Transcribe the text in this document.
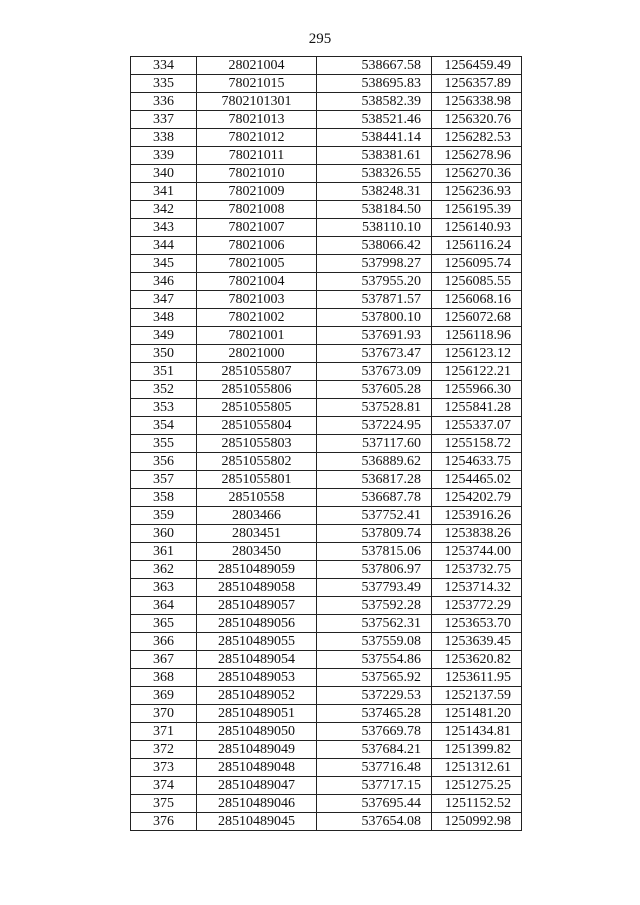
295
334	28021004	538667.58	1256459.49
335	78021015	538695.83	1256357.89
336	7802101301	538582.39	1256338.98
337	78021013	538521.46	1256320.76
338	78021012	538441.14	1256282.53
339	78021011	538381.61	1256278.96
340	78021010	538326.55	1256270.36
341	78021009	538248.31	1256236.93
342	78021008	538184.50	1256195.39
343	78021007	538110.10	1256140.93
344	78021006	538066.42	1256116.24
345	78021005	537998.27	1256095.74
346	78021004	537955.20	1256085.55
347	78021003	537871.57	1256068.16
348	78021002	537800.10	1256072.68
349	78021001	537691.93	1256118.96
350	28021000	537673.47	1256123.12
351	2851055807	537673.09	1256122.21
352	2851055806	537605.28	1255966.30
353	2851055805	537528.81	1255841.28
354	2851055804	537224.95	1255337.07
355	2851055803	537117.60	1255158.72
356	2851055802	536889.62	1254633.75
357	2851055801	536817.28	1254465.02
358	28510558	536687.78	1254202.79
359	2803466	537752.41	1253916.26
360	2803451	537809.74	1253838.26
361	2803450	537815.06	1253744.00
362	28510489059	537806.97	1253732.75
363	28510489058	537793.49	1253714.32
364	28510489057	537592.28	1253772.29
365	28510489056	537562.31	1253653.70
366	28510489055	537559.08	1253639.45
367	28510489054	537554.86	1253620.82
368	28510489053	537565.92	1253611.95
369	28510489052	537229.53	1252137.59
370	28510489051	537465.28	1251481.20
371	28510489050	537669.78	1251434.81
372	28510489049	537684.21	1251399.82
373	28510489048	537716.48	1251312.61
374	28510489047	537717.15	1251275.25
375	28510489046	537695.44	1251152.52
376	28510489045	537654.08	1250992.98
